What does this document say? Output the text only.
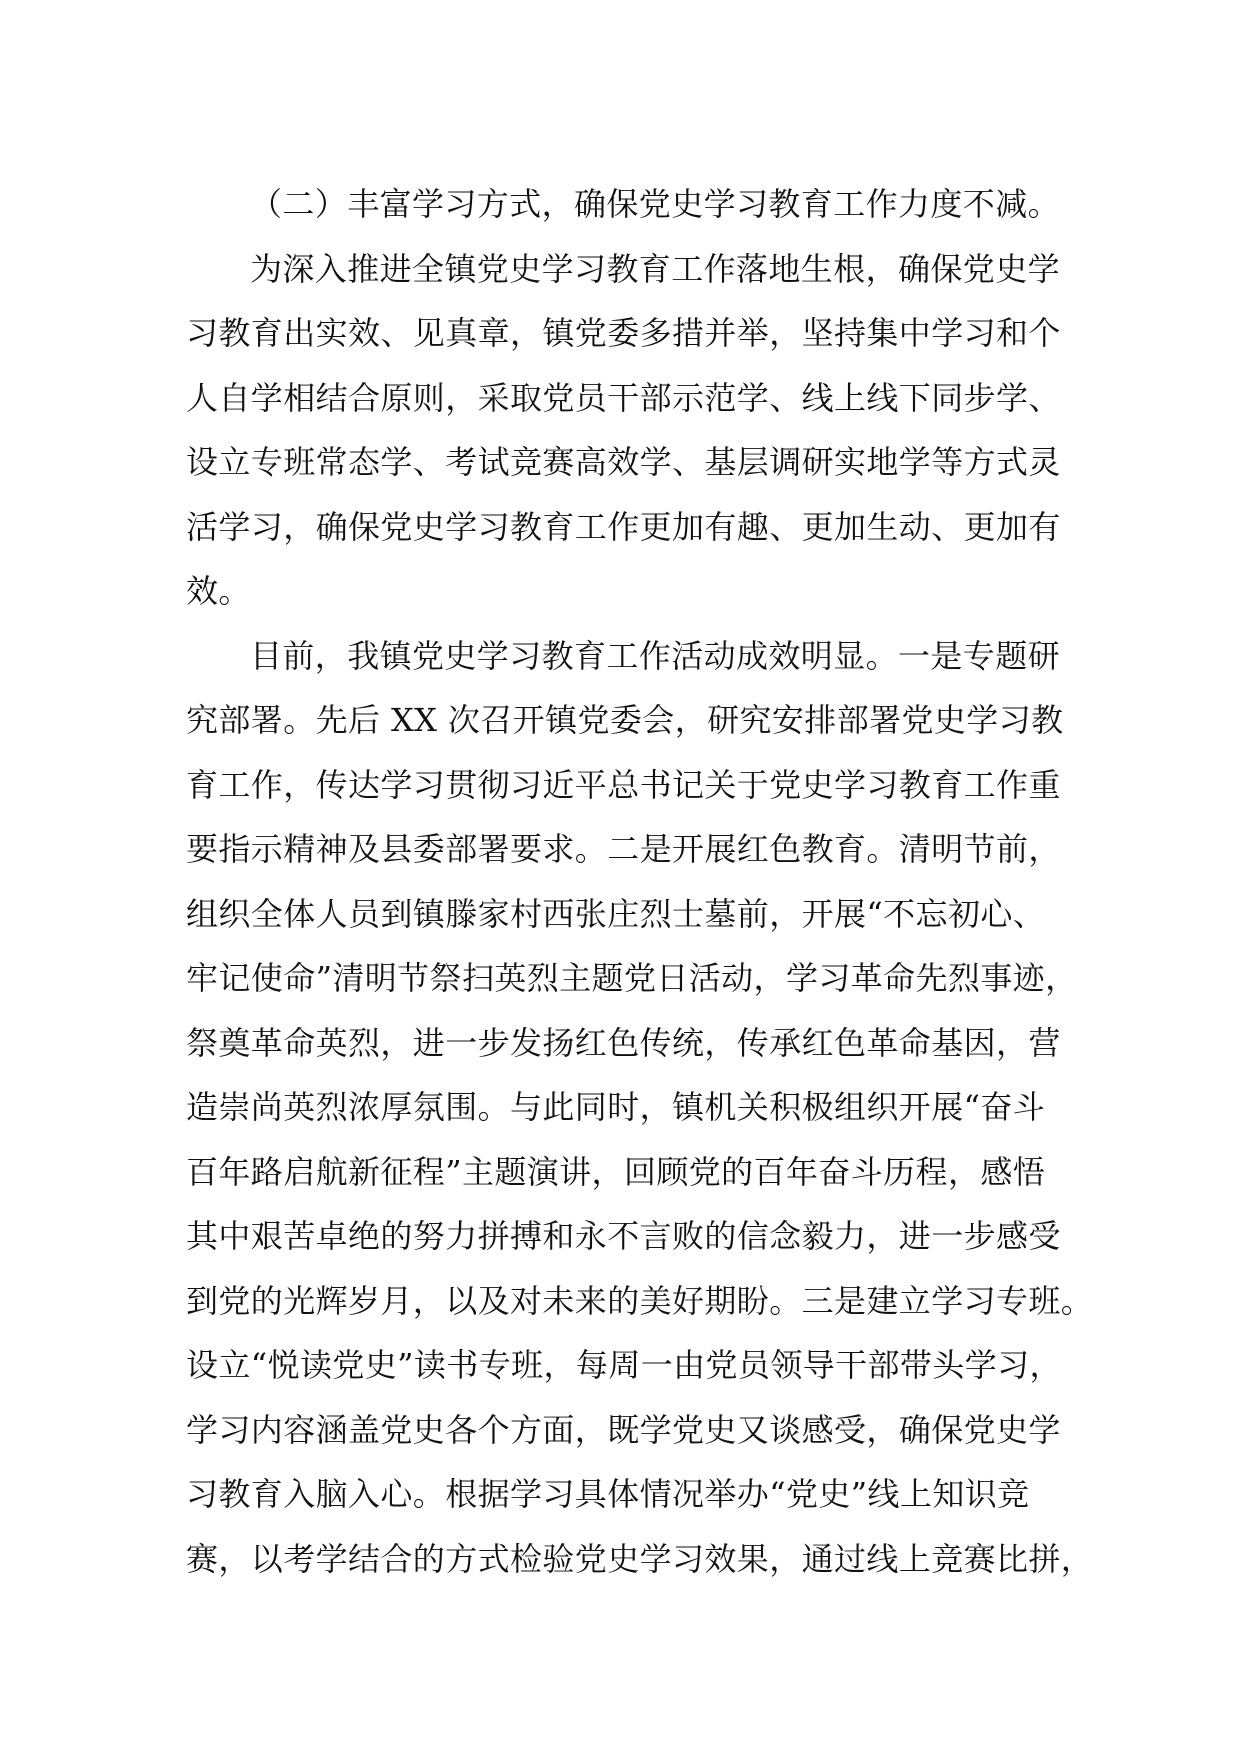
（二）丰富学习方式，确保党史学习教育工作力度不减。
为深入推进全镇党史学习教育工作落地生根，确保党史学
习教育出实效、见真章，镇党委多措并举，坚持集中学习和个
人自学相结合原则，采取党员干部示范学、线上线下同步学、
设立专班常态学、考试竞赛高效学、基层调研实地学等方式灵
活学习，确保党史学习教育工作更加有趣、更加生动、更加有
效。
目前，我镇党史学习教育工作活动成效明显。一是专题研
究部署。先后 XX 次召开镇党委会，研究安排部署党史学习教
育工作，传达学习贯彻习近平总书记关于党史学习教育工作重
要指示精神及县委部署要求。二是开展红色教育。清明节前，
组织全体人员到镇滕家村西张庄烈士墓前，开展“不忘初心、
牢记使命”清明节祭扫英烈主题党日活动，学习革命先烈事迹，
祭奠革命英烈，进一步发扬红色传统，传承红色革命基因，营
造崇尚英烈浓厚氛围。与此同时，镇机关积极组织开展“奋斗
百年路启航新征程”主题演讲，回顾党的百年奋斗历程，感悟
其中艰苦卓绝的努力拼搏和永不言败的信念毅力，进一步感受
到党的光辉岁月，以及对未来的美好期盼。三是建立学习专班。
设立“悦读党史”读书专班，每周一由党员领导干部带头学习，
学习内容涵盖党史各个方面，既学党史又谈感受，确保党史学
习教育入脑入心。根据学习具体情况举办“党史”线上知识竞
赛，以考学结合的方式检验党史学习效果，通过线上竞赛比拼，
